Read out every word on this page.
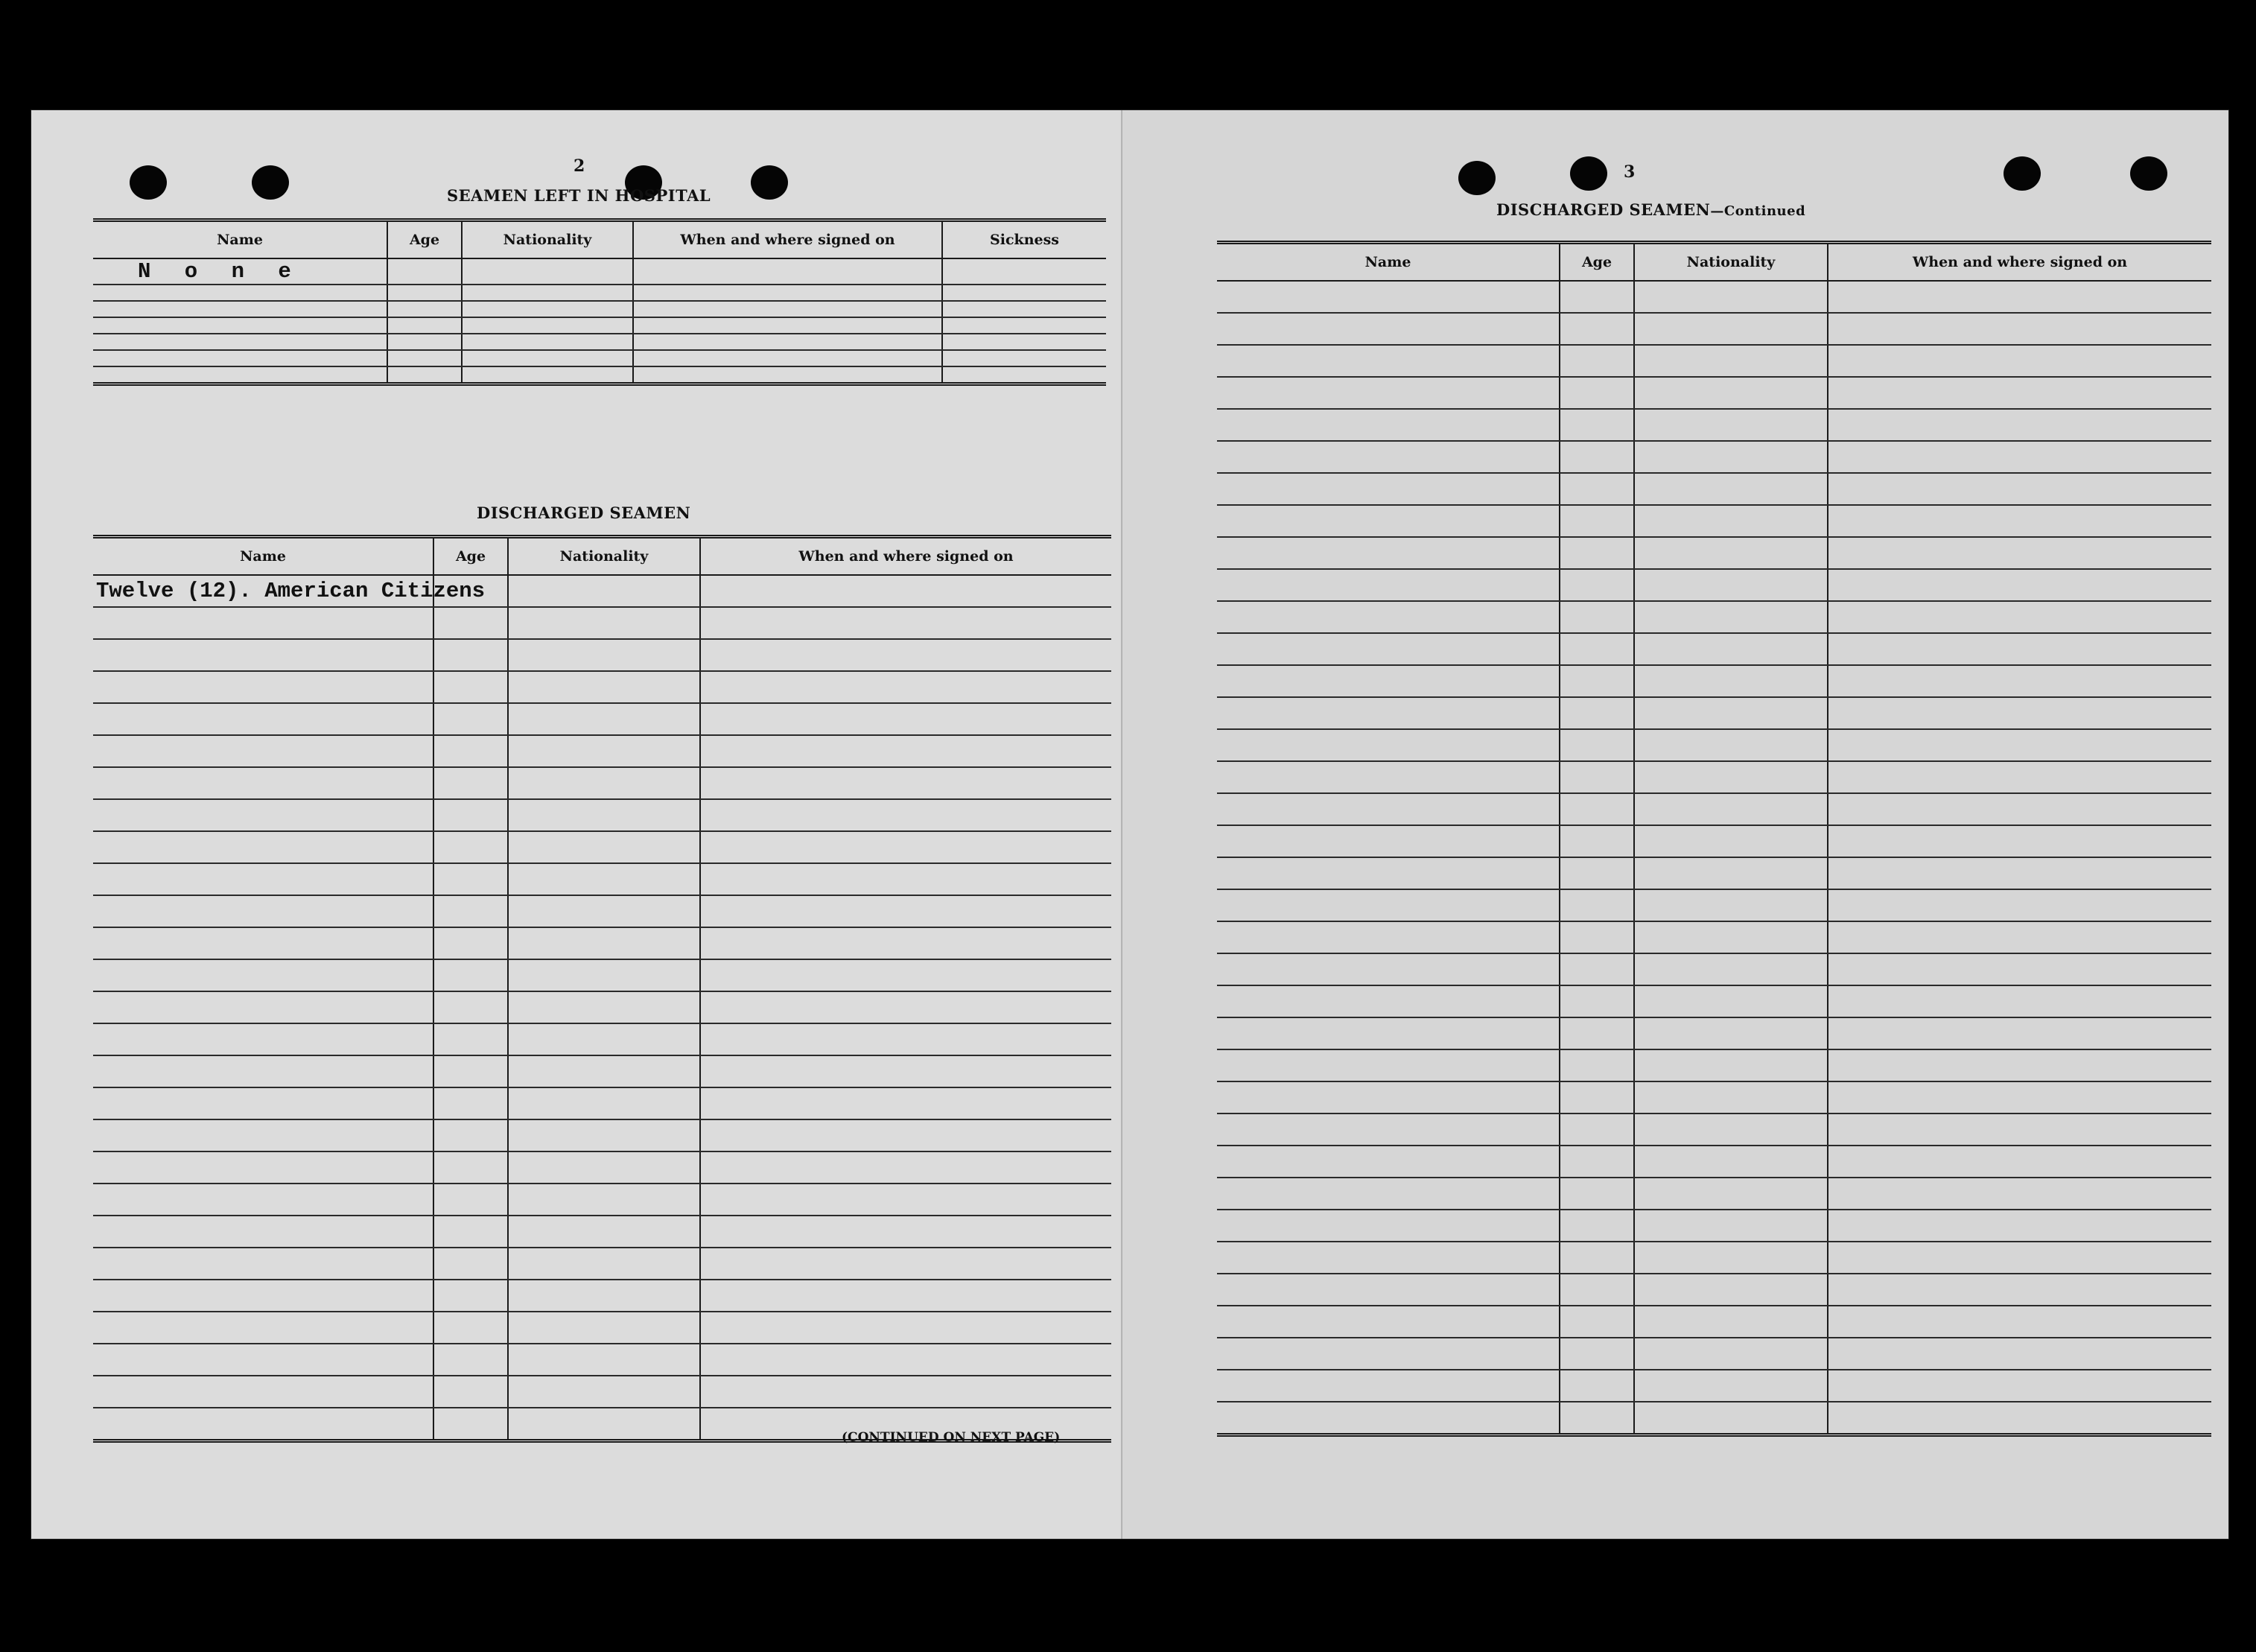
2
SEAMEN LEFT IN HOSPITAL
Name	Age	Nationality	When and where signed on	Sickness
N o n e				

DISCHARGED SEAMEN
Name	Age	Nationality	When and where signed on
Twelve (12). American Citizens			

(CONTINUED ON NEXT PAGE)
3
DISCHARGED SEAMEN—Continued
Name	Age	Nationality	When and where signed on
